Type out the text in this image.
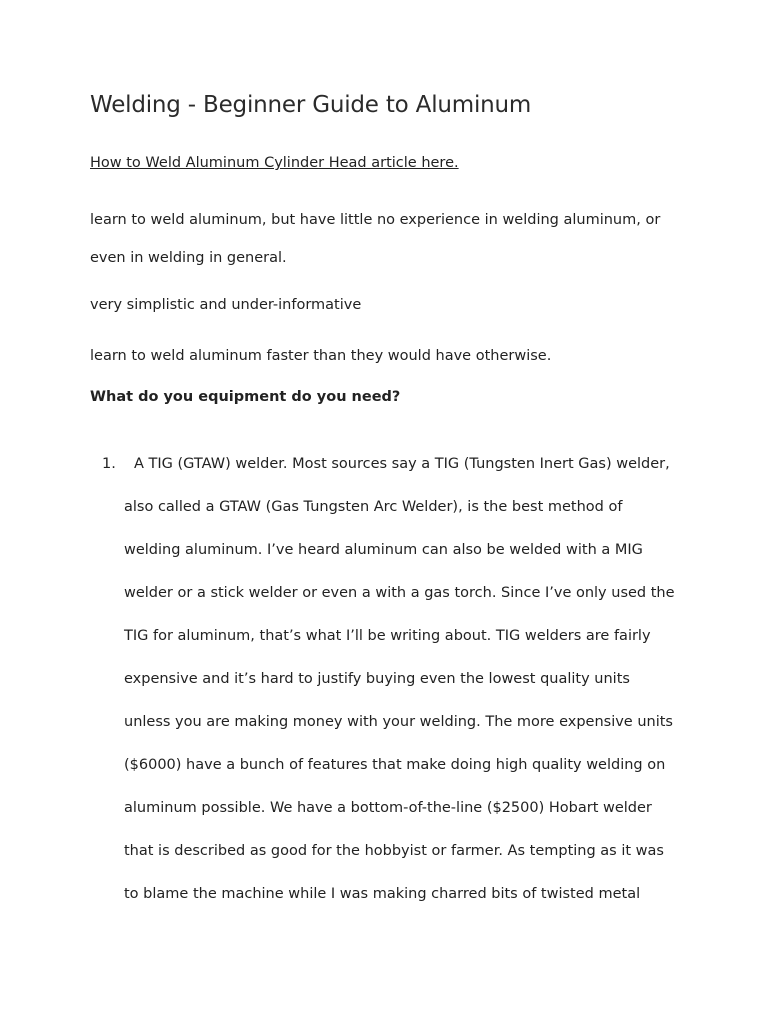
Welding - Beginner Guide to Aluminum
How to Weld Aluminum Cylinder Head article here.

learn to weld aluminum, but have little no experience in welding aluminum, or even in welding in general.

very simplistic and under-informative

learn to weld aluminum faster than they would have otherwise.

What do you equipment do you need?
1.	A TIG (GTAW) welder. Most sources say a TIG (Tungsten Inert Gas) welder,
also called a GTAW (Gas Tungsten Arc Welder), is the best method of
welding aluminum. I’ve heard aluminum can also be welded with a MIG
welder or a stick welder or even a with a gas torch. Since I’ve only used the
TIG for aluminum, that’s what I’ll be writing about. TIG welders are fairly
expensive and it’s hard to justify buying even the lowest quality units
unless you are making money with your welding. The more expensive units
($6000) have a bunch of features that make doing high quality welding on
aluminum possible. We have a bottom-of-the-line ($2500) Hobart welder
that is described as good for the hobbyist or farmer. As tempting as it was
to blame the machine while I was making charred bits of twisted metal
